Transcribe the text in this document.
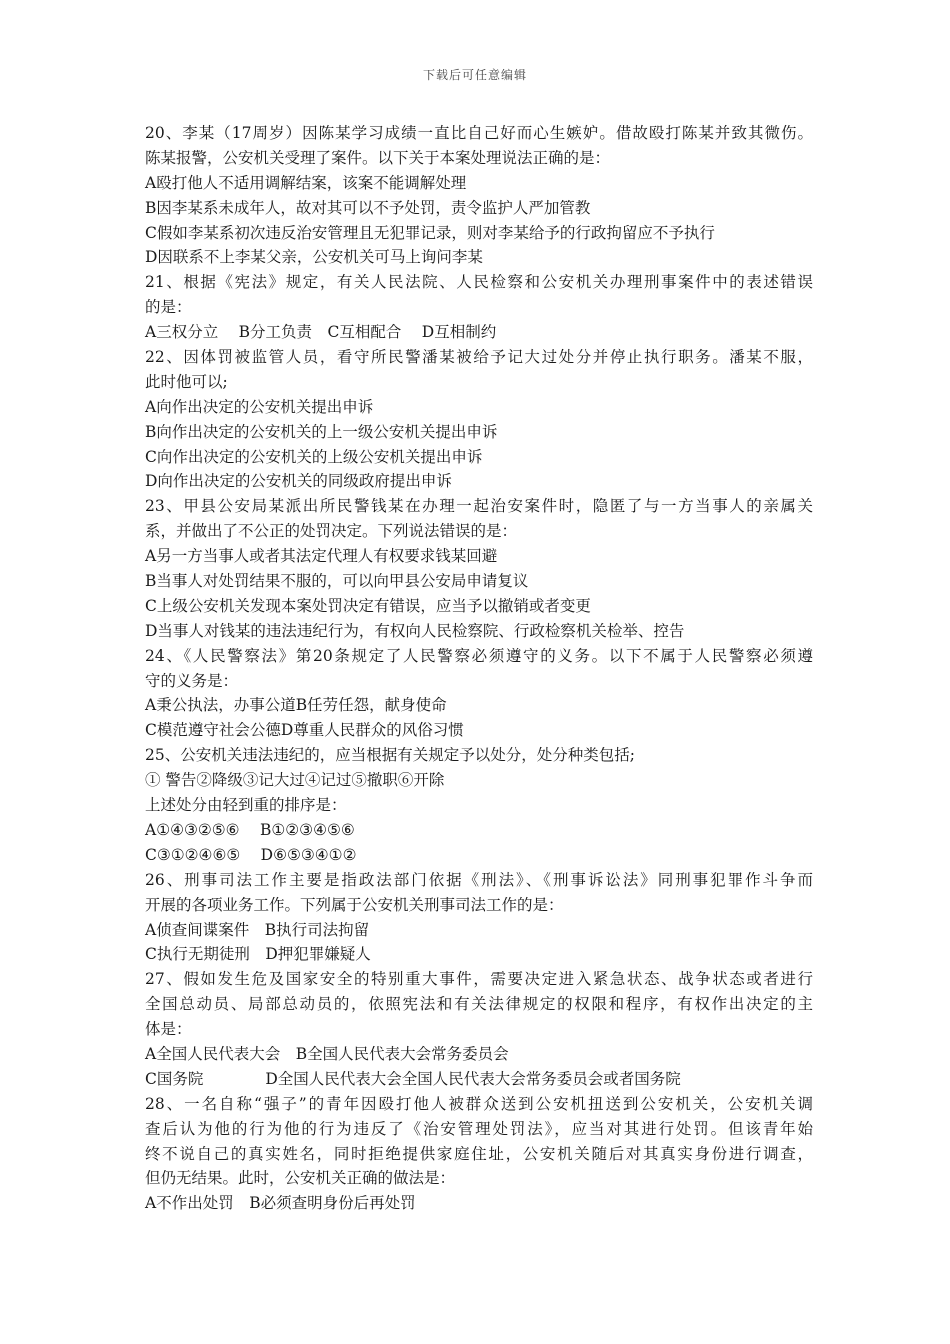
下载后可任意编辑
20、李某（17周岁）因陈某学习成绩一直比自己好而心生嫉妒。借故殴打陈某并致其微伤。
陈某报警，公安机关受理了案件。以下关于本案处理说法正确的是：
A殴打他人不适用调解结案，该案不能调解处理
B因李某系未成年人，故对其可以不予处罚，责令监护人严加管教
C假如李某系初次违反治安管理且无犯罪记录，则对李某给予的行政拘留应不予执行
D因联系不上李某父亲，公安机关可马上询问李某
21、根据《宪法》规定，有关人民法院、人民检察和公安机关办理刑事案件中的表述错误
的是：
A三权分立　 B分工负责　C互相配合　 D互相制约
22、因体罚被监管人员，看守所民警潘某被给予记大过处分并停止执行职务。潘某不服，
此时他可以;
A向作出决定的公安机关提出申诉
B向作出决定的公安机关的上一级公安机关提出申诉
C向作出决定的公安机关的上级公安机关提出申诉
D向作出决定的公安机关的同级政府提出申诉
23、甲县公安局某派出所民警钱某在办理一起治安案件时，隐匿了与一方当事人的亲属关
系，并做出了不公正的处罚决定。下列说法错误的是：
A另一方当事人或者其法定代理人有权要求钱某回避
B当事人对处罚结果不服的，可以向甲县公安局申请复议
C上级公安机关发现本案处罚决定有错误，应当予以撤销或者变更
D当事人对钱某的违法违纪行为，有权向人民检察院、行政检察机关检举、控告
24、《人民警察法》第20条规定了人民警察必须遵守的义务。以下不属于人民警察必须遵
守的义务是：
A秉公执法，办事公道B任劳任怨，献身使命
C模范遵守社会公德D尊重人民群众的风俗习惯
25、公安机关违法违纪的，应当根据有关规定予以处分，处分种类包括;
① 警告②降级③记大过④记过⑤撤职⑥开除
上述处分由轻到重的排序是：
A①④③②⑤⑥　 B①②③④⑤⑥
C③①②④⑥⑤　 D⑥⑤③④①②
26、刑事司法工作主要是指政法部门依据《刑法》、《刑事诉讼法》同刑事犯罪作斗争而
开展的各项业务工作。下列属于公安机关刑事司法工作的是：
A侦查间谍案件　B执行司法拘留
C执行无期徒刑　D押犯罪嫌疑人
27、假如发生危及国家安全的特别重大事件，需要决定进入紧急状态、战争状态或者进行
全国总动员、局部总动员的，依照宪法和有关法律规定的权限和程序，有权作出决定的主
体是：
A全国人民代表大会　B全国人民代表大会常务委员会
C国务院　　　　D全国人民代表大会全国人民代表大会常务委员会或者国务院
28、一名自称“强子”的青年因殴打他人被群众送到公安机扭送到公安机关，公安机关调
查后认为他的行为他的行为违反了《治安管理处罚法》，应当对其进行处罚。但该青年始
终不说自己的真实姓名，同时拒绝提供家庭住址，公安机关随后对其真实身份进行调查，
但仍无结果。此时，公安机关正确的做法是：
A不作出处罚　B必须查明身份后再处罚
